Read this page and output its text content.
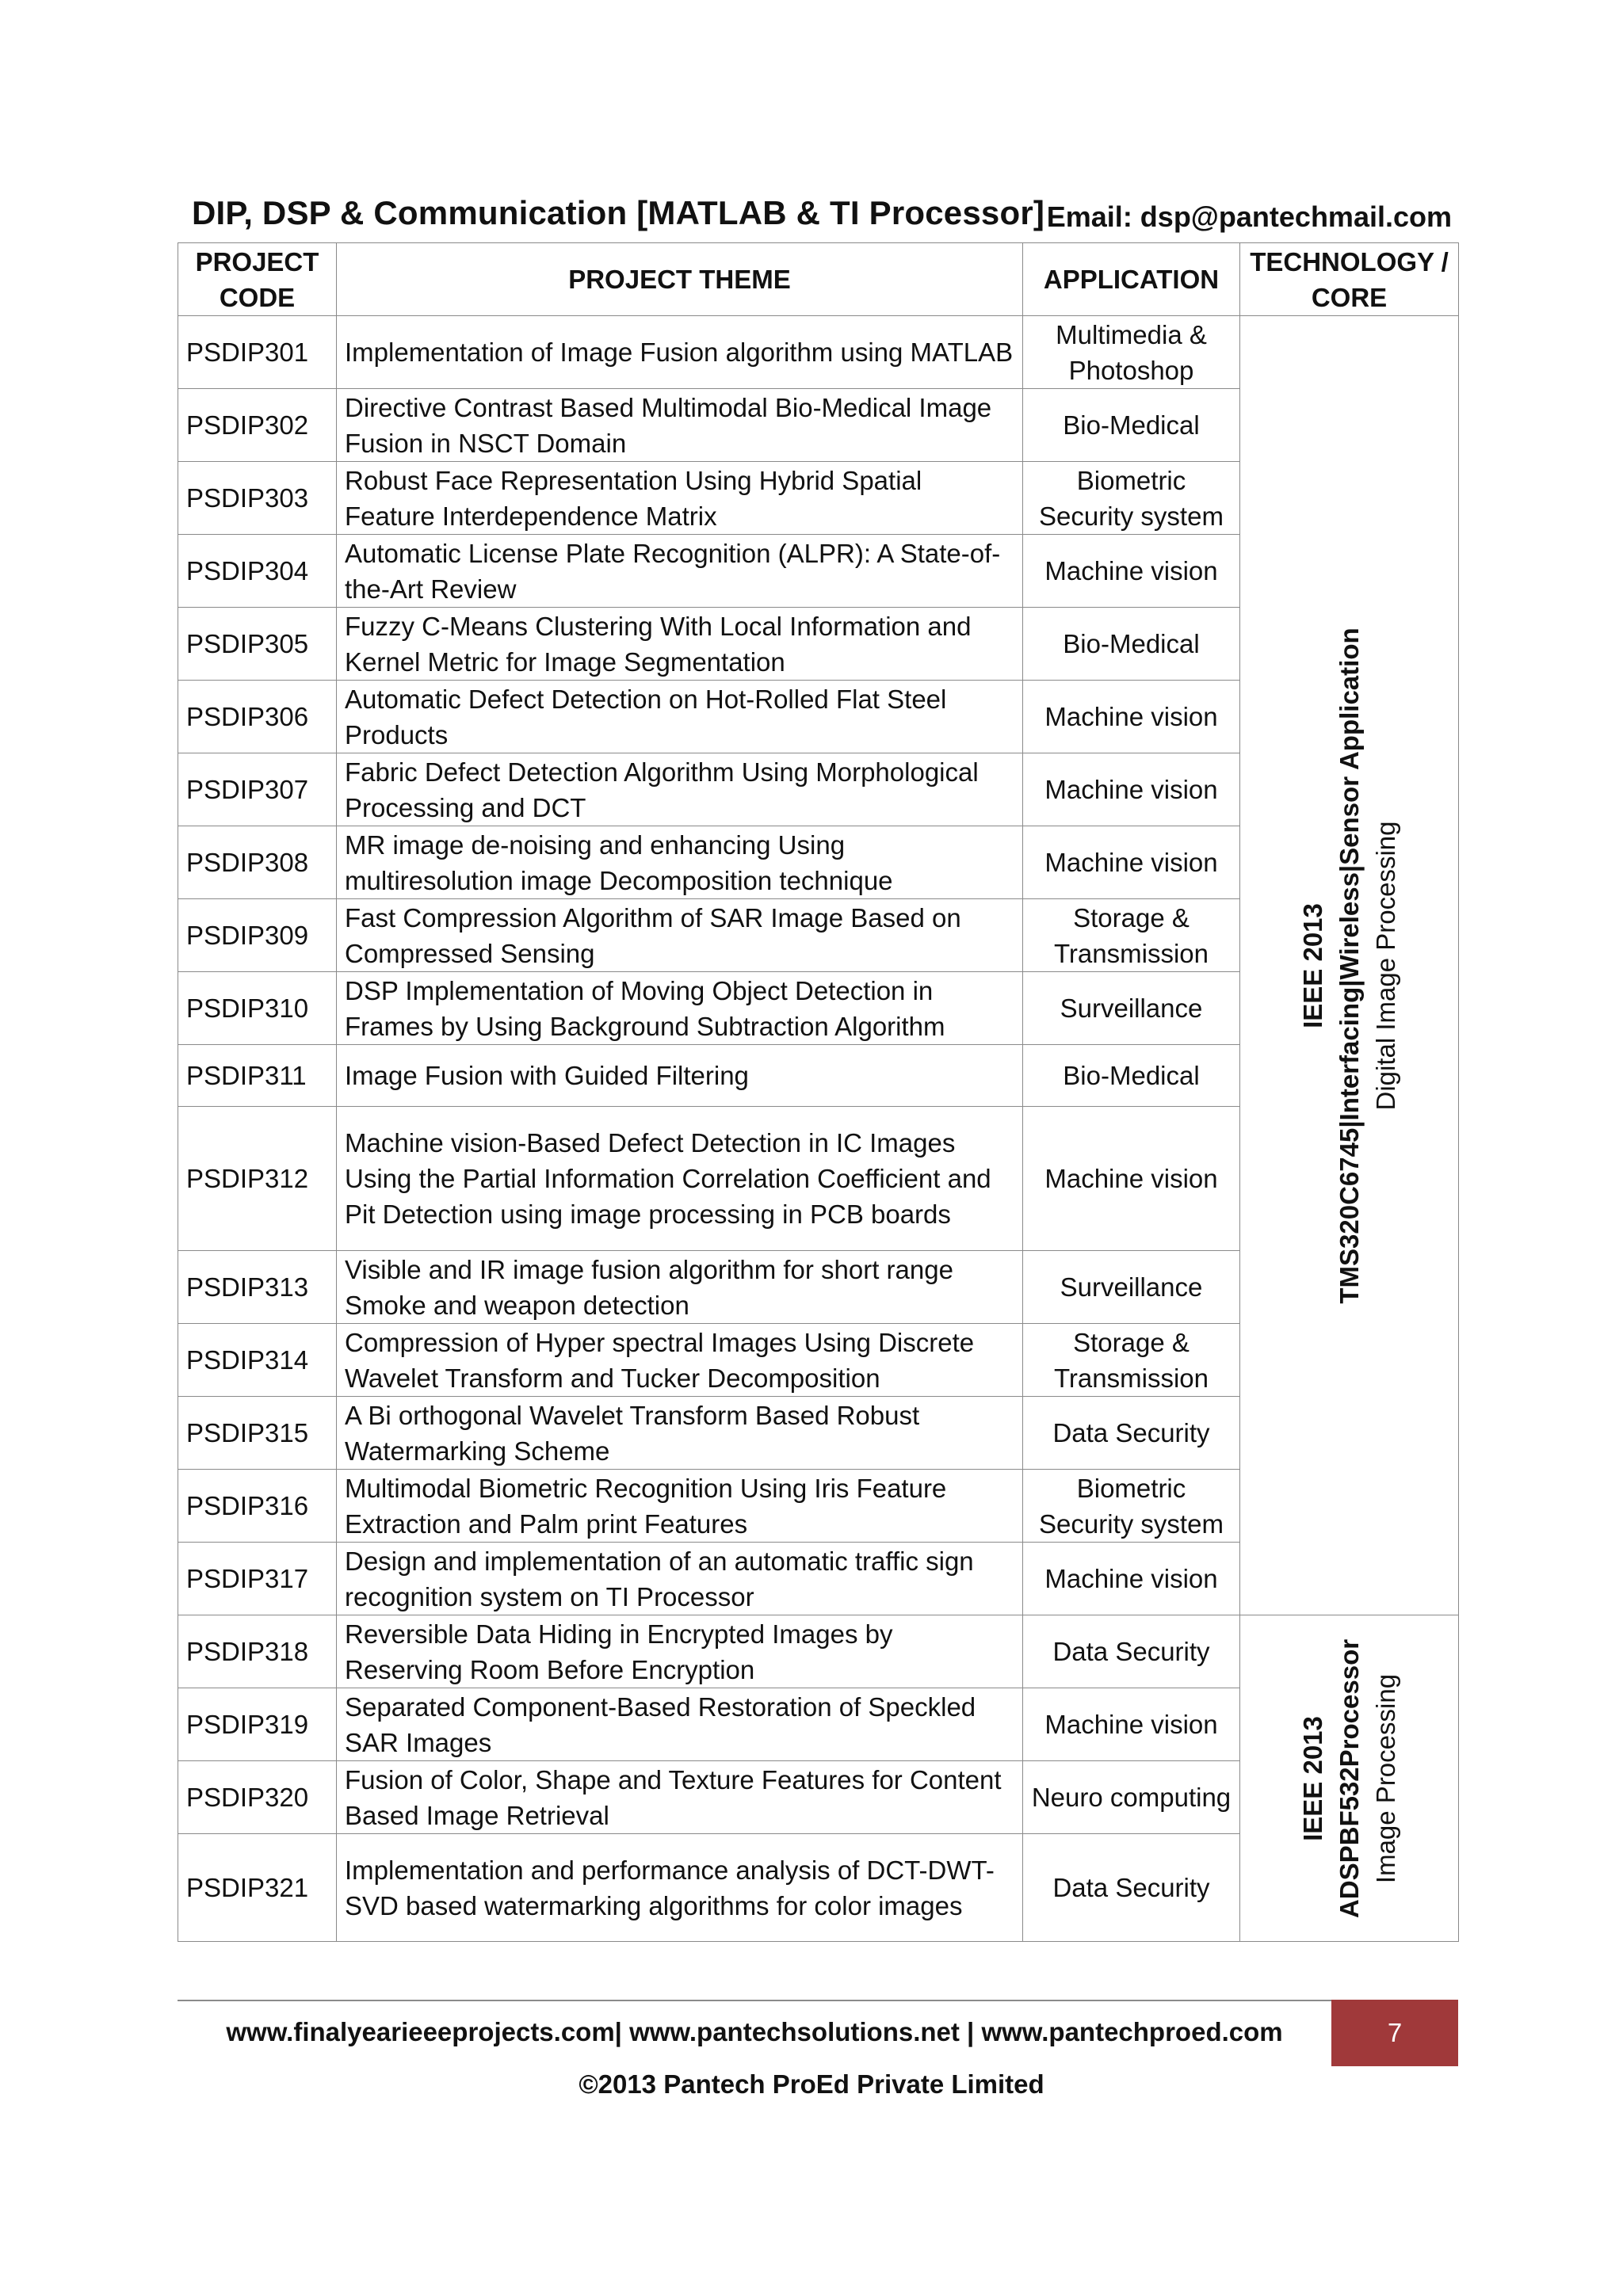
DIP, DSP & Communication [MATLAB & TI Processor] Email: dsp@pantechmail.com
PROJECT CODE	PROJECT THEME	APPLICATION	TECHNOLOGY / CORE
PSDIP301	Implementation of Image Fusion algorithm using MATLAB	Multimedia & Photoshop	IEEE 2013 TMS320C6745|Interfacing|Wireless|Sensor Application Digital Image Processing

PSDIP302	Directive Contrast Based Multimodal Bio-Medical Image Fusion in NSCT Domain	Bio-Medical	
PSDIP303	Robust Face Representation Using Hybrid Spatial Feature Interdependence Matrix	Biometric Security system	
PSDIP304	Automatic License Plate Recognition (ALPR): A State-of-the-Art Review	Machine vision	
PSDIP305	Fuzzy C-Means Clustering With Local Information and Kernel Metric for Image Segmentation	Bio-Medical	
PSDIP306	Automatic Defect Detection on Hot-Rolled Flat Steel Products	Machine vision	
PSDIP307	Fabric Defect Detection Algorithm Using Morphological Processing and DCT	Machine vision	
PSDIP308	MR image de-noising and enhancing Using multiresolution image Decomposition technique	Machine vision	
PSDIP309	Fast Compression Algorithm of SAR Image Based on Compressed Sensing	Storage & Transmission	
PSDIP310	DSP Implementation of Moving Object Detection in Frames by Using Background Subtraction Algorithm	Surveillance	
PSDIP311	Image Fusion with Guided Filtering	Bio-Medical	
PSDIP312	Machine vision-Based Defect Detection in IC Images Using the Partial Information Correlation Coefficient and Pit Detection using image processing in PCB boards	Machine vision	
PSDIP313	Visible and IR image fusion algorithm for short range Smoke and weapon detection	Surveillance	
PSDIP314	Compression of Hyper spectral Images Using Discrete Wavelet Transform and Tucker Decomposition	Storage & Transmission	
PSDIP315	A Bi orthogonal Wavelet Transform Based Robust Watermarking Scheme	Data Security	
PSDIP316	Multimodal Biometric Recognition Using Iris Feature Extraction and Palm print Features	Biometric Security system	
PSDIP317	Design and implementation of an automatic traffic sign recognition system on TI Processor	Machine vision	
PSDIP318	Reversible Data Hiding in Encrypted Images by Reserving Room Before Encryption	Data Security	IEEE 2013 ADSPBF532Processor Image Processing

PSDIP319	Separated Component-Based Restoration of Speckled SAR Images	Machine vision	
PSDIP320	Fusion of Color, Shape and Texture Features for Content Based Image Retrieval	Neuro computing	
PSDIP321	Implementation and performance analysis of DCT-DWT-SVD based watermarking algorithms for color images	Data Security	
www.finalyearieeeprojects.com| www.pantechsolutions.net | www.pantechproed.com	7
©2013 Pantech ProEd Private Limited
